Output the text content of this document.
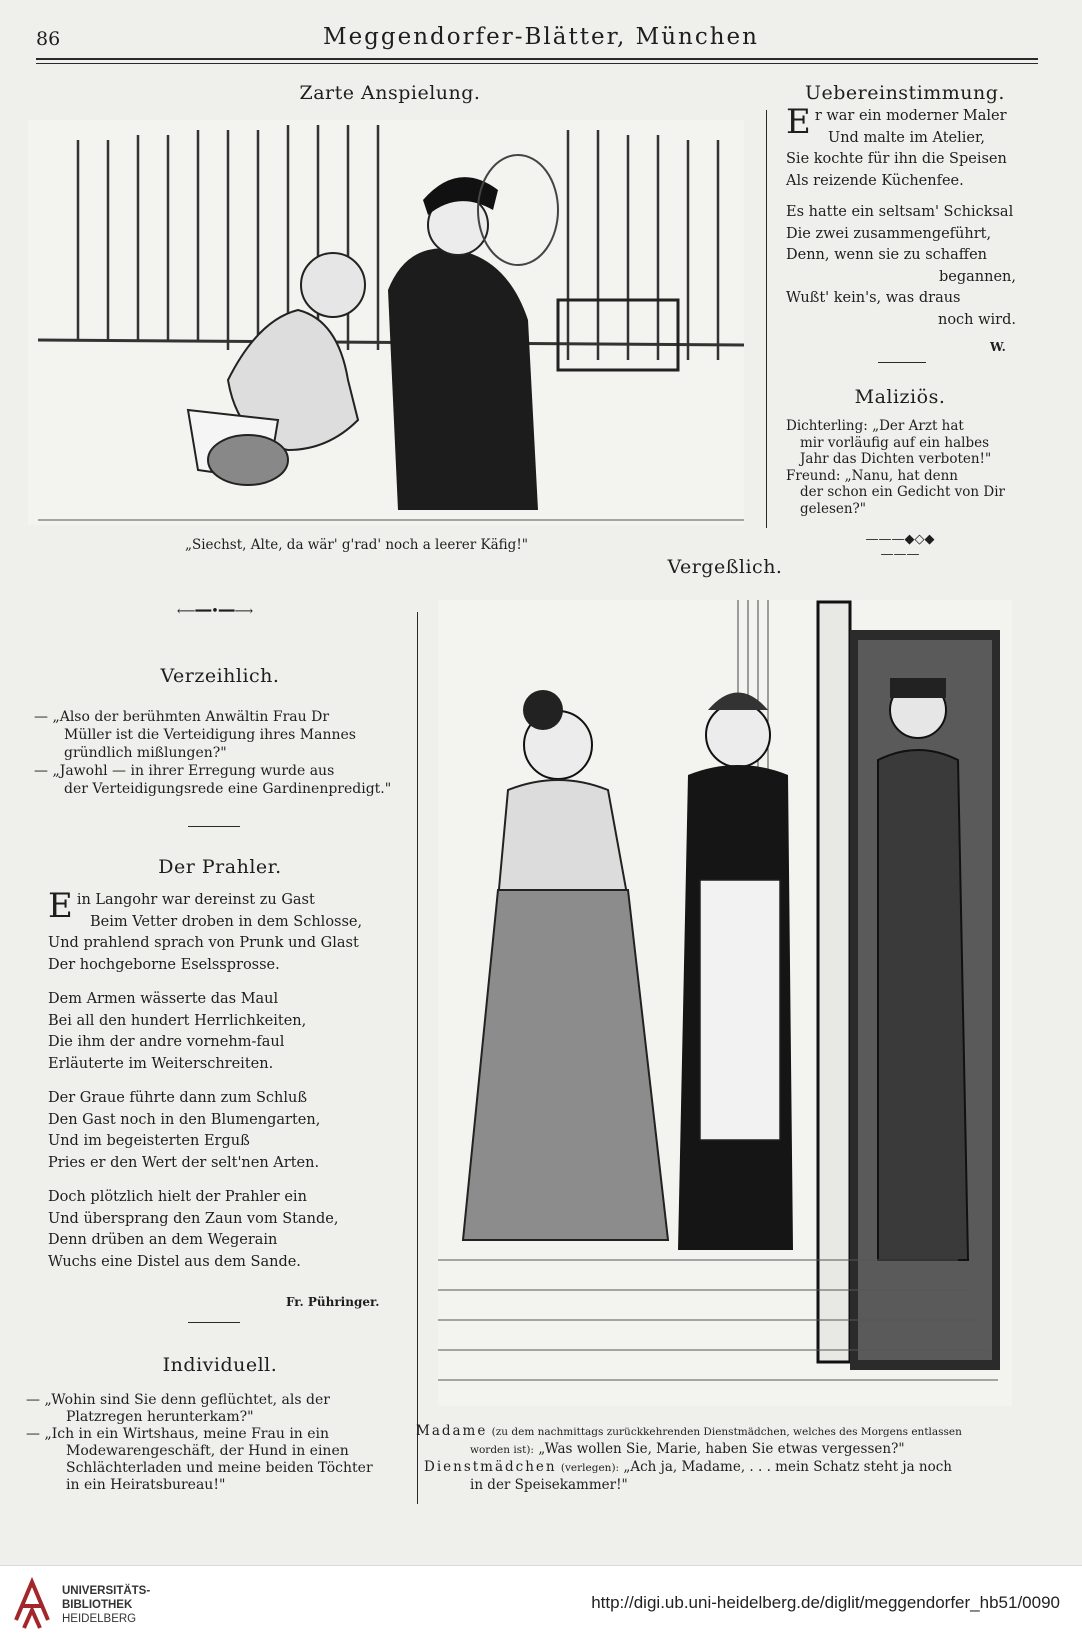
86	Meggendorfer-Blätter, München
Zarte Anspielung.
„Siechst, Alte, da wär' g'rad' noch a leerer Käfig!"
Uebereinstimmung.
E r war ein moderner Maler
Und malte im Atelier,
Sie kochte für ihn die Speisen
Als reizende Küchenfee.
Es hatte ein seltsam' Schicksal
Die zwei zusammengeführt,
Denn, wenn sie zu schaffen
begannen,
Wußt' kein's, was draus
noch wird.
W.
Maliziös.
Dichterling: „Der Arzt hat
mir vorläufig auf ein halbes
Jahr das Dichten verboten!"
Freund: „Nanu, hat denn
der schon ein Gedicht von Dir
gelesen?"
———◆◇◆———
Vergeßlich.
⟵━━•━━⟶
Verzeihlich.
— „Also der berühmten Anwältin Frau Dr
Müller ist die Verteidigung ihres Mannes
gründlich mißlungen?"
— „Jawohl — in ihrer Erregung wurde aus
der Verteidigungsrede eine Gardinenpredigt."
Der Prahler.
E in Langohr war dereinst zu Gast
Beim Vetter droben in dem Schlosse,
Und prahlend sprach von Prunk und Glast
Der hochgeborne Eselssprosse.
Dem Armen wässerte das Maul
Bei all den hundert Herrlichkeiten,
Die ihm der andre vornehm-faul
Erläuterte im Weiterschreiten.
Der Graue führte dann zum Schluß
Den Gast noch in den Blumengarten,
Und im begeisterten Erguß
Pries er den Wert der selt'nen Arten.
Doch plötzlich hielt der Prahler ein
Und übersprang den Zaun vom Stande,
Denn drüben an dem Wegerain
Wuchs eine Distel aus dem Sande.
Fr. Pühringer.
Individuell.
— „Wohin sind Sie denn geflüchtet, als der
Platzregen herunterkam?"
— „Ich in ein Wirtshaus, meine Frau in ein
Modewarengeschäft, der Hund in einen
Schlächterladen und meine beiden Töchter
in ein Heiratsbureau!"
Madame (zu dem nachmittags zurückkehrenden Dienstmädchen, welches des Morgens entlassen
worden ist): „Was wollen Sie, Marie, haben Sie etwas vergessen?"
Dienstmädchen (verlegen): „Ach ja, Madame, . . . mein Schatz steht ja noch
in der Speisekammer!"
UNIVERSITÄTS-
BIBLIOTHEK
HEIDELBERG
http://digi.ub.uni-heidelberg.de/diglit/meggendorfer_hb51/0090
